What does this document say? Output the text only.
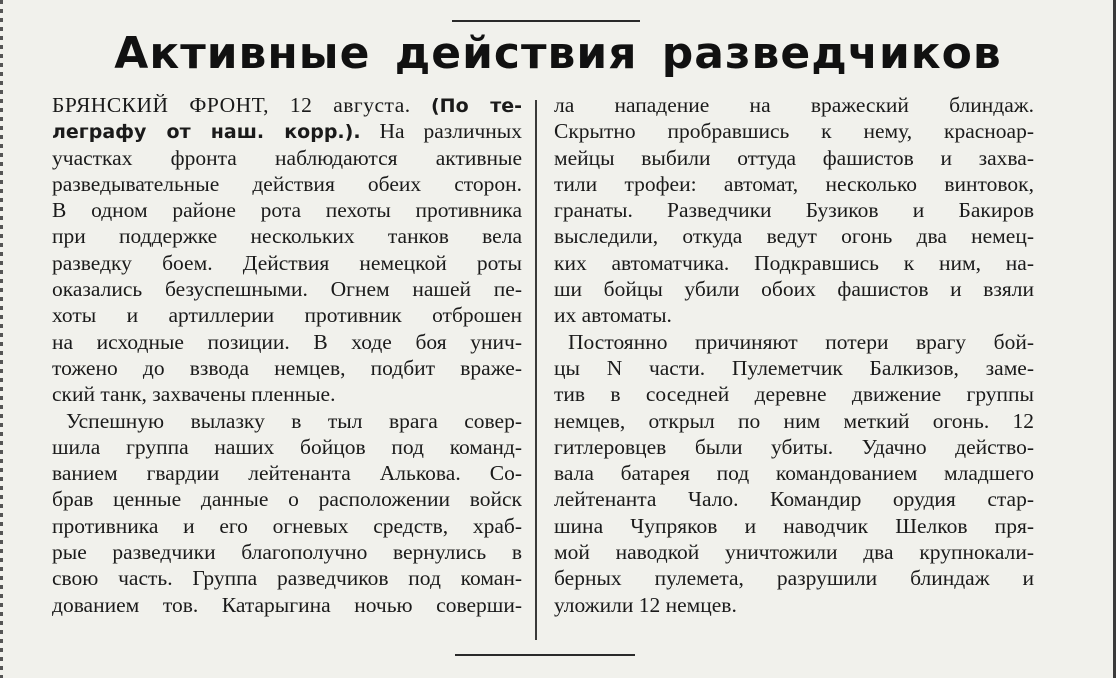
Активные действия разведчиков
БРЯНСКИЙ ФРОНТ, 12 августа. (По те-
леграфу от наш. корр.). На различных
участках фронта наблюдаются активные
разведывательные действия обеих сторон.
В одном районе рота пехоты противника
при поддержке нескольких танков вела
разведку боем. Действия немецкой роты
оказались безуспешными. Огнем нашей пе-
хоты и артиллерии противник отброшен
на исходные позиции. В ходе боя унич-
тожено до взвода немцев, подбит враже-
ский танк, захвачены пленные.
Успешную вылазку в тыл врага совер-
шила группа наших бойцов под команд-
ванием гвардии лейтенанта Алькова. Со-
брав ценные данные о расположении войск
противника и его огневых средств, храб-
рые разведчики благополучно вернулись в
свою часть. Группа разведчиков под коман-
дованием тов. Катарыгина ночью соверши-
ла нападение на вражеский блиндаж.
Скрытно пробравшись к нему, красноар-
мейцы выбили оттуда фашистов и захва-
тили трофеи: автомат, несколько винтовок,
гранаты. Разведчики Бузиков и Бакиров
выследили, откуда ведут огонь два немец-
ких автоматчика. Подкравшись к ним, на-
ши бойцы убили обоих фашистов и взяли
их автоматы.
Постоянно причиняют потери врагу бой-
цы N части. Пулеметчик Балкизов, заме-
тив в соседней деревне движение группы
немцев, открыл по ним меткий огонь. 12
гитлеровцев были убиты. Удачно действо-
вала батарея под командованием младшего
лейтенанта Чало. Командир орудия стар-
шина Чупряков и наводчик Шелков пря-
мой наводкой уничтожили два крупнокали-
берных пулемета, разрушили блиндаж и
уложили 12 немцев.
